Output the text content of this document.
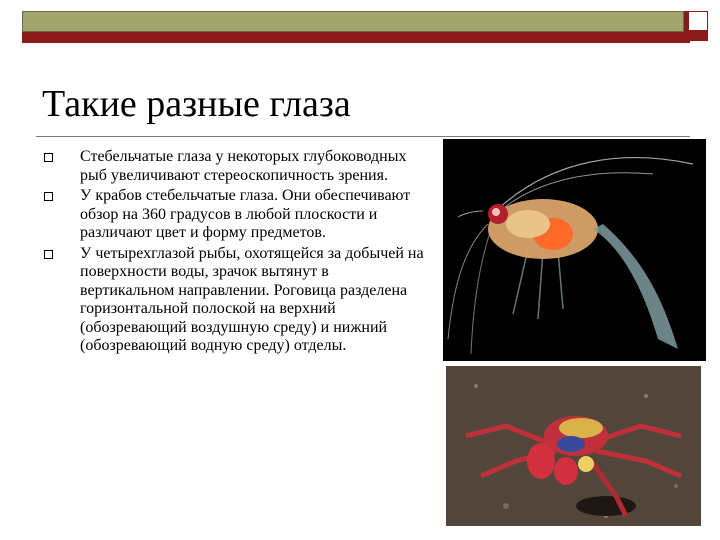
Такие разные глаза
Стебельчатые глаза у некоторых глубоководных рыб увеличивают стереоскопичность зрения.
У крабов стебельчатые глаза. Они обеспечивают обзор на 360 градусов в любой плоскости и различают цвет и форму предметов.
У четырехглазой рыбы, охотящейся за добычей на поверхности воды, зрачок вытянут в вертикальном направлении. Роговица разделена горизонтальной полоской на верхний (обозревающий воздушную среду) и нижний (обозревающий водную среду) отделы.
